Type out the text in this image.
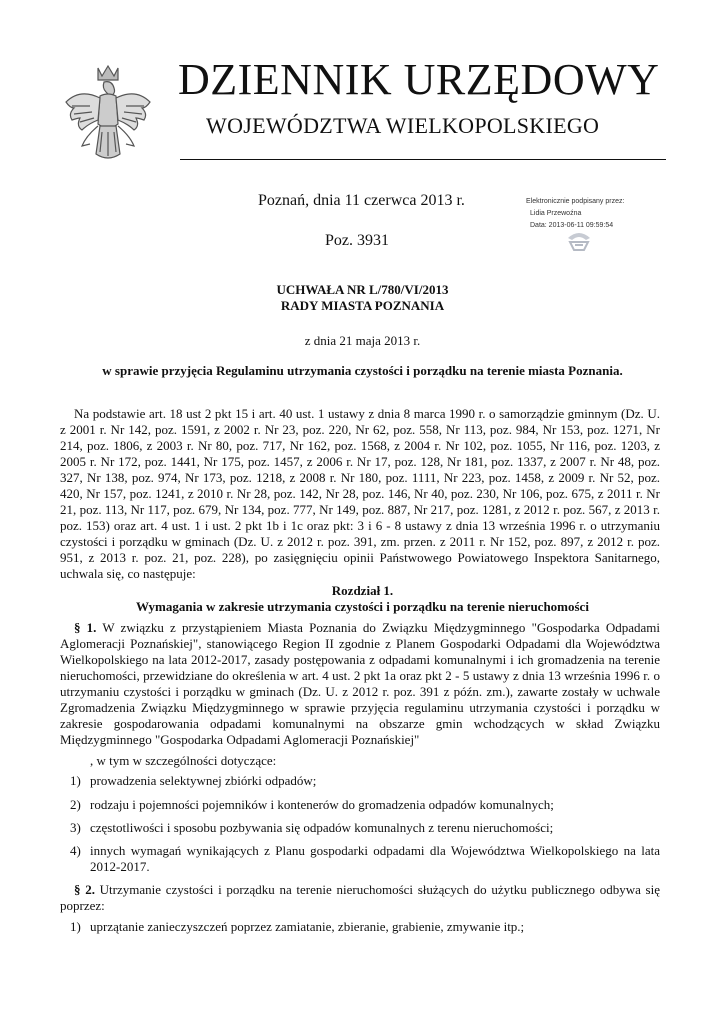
DZIENNIK URZĘDOWY
WOJEWÓDZTWA WIELKOPOLSKIEGO
Poznań, dnia 11 czerwca 2013 r.
Poz. 3931
Elektronicznie podpisany przez:
Lidia Przewoźna
Data: 2013-06-11 09:59:54
UCHWAŁA NR L/780/VI/2013
RADY MIASTA POZNANIA
z dnia 21 maja 2013 r.
w sprawie przyjęcia Regulaminu utrzymania czystości i porządku na terenie miasta Poznania.
Na podstawie art. 18 ust 2 pkt 15 i art. 40 ust. 1 ustawy z dnia 8 marca 1990 r. o samorządzie gminnym (Dz. U. z 2001 r. Nr 142, poz. 1591, z 2002 r. Nr 23, poz. 220, Nr 62, poz. 558, Nr 113, poz. 984, Nr 153, poz. 1271, Nr 214, poz. 1806, z 2003 r. Nr 80, poz. 717, Nr 162, poz. 1568, z 2004 r. Nr 102, poz. 1055, Nr 116, poz. 1203, z 2005 r. Nr 172, poz. 1441, Nr 175, poz. 1457, z 2006 r. Nr 17, poz. 128, Nr 181, poz. 1337, z 2007 r. Nr 48, poz. 327, Nr 138, poz. 974, Nr 173, poz. 1218, z 2008 r. Nr 180, poz. 1111, Nr 223, poz. 1458, z 2009 r. Nr 52, poz. 420, Nr 157, poz. 1241, z 2010 r. Nr 28, poz. 142, Nr 28, poz. 146, Nr 40, poz. 230, Nr 106, poz. 675, z 2011 r. Nr 21, poz. 113, Nr 117, poz. 679, Nr 134, poz. 777, Nr 149, poz. 887, Nr 217, poz. 1281, z 2012 r. poz. 567, z 2013 r. poz. 153) oraz art. 4 ust. 1 i ust. 2 pkt 1b i 1c oraz pkt: 3 i 6 - 8 ustawy z dnia 13 września 1996 r. o utrzymaniu czystości i porządku w gminach (Dz. U. z 2012 r. poz. 391, zm. przen. z 2011 r. Nr 152, poz. 897, z 2012 r. poz. 951, z 2013 r. poz. 21, poz. 228), po zasięgnięciu opinii Państwowego Powiatowego Inspektora Sanitarnego, uchwala się, co następuje:
Rozdział 1.
Wymagania w zakresie utrzymania czystości i porządku na terenie nieruchomości
§ 1. W związku z przystąpieniem Miasta Poznania do Związku Międzygminnego "Gospodarka Odpadami Aglomeracji Poznańskiej", stanowiącego Region II zgodnie z Planem Gospodarki Odpadami dla Województwa Wielkopolskiego na lata 2012-2017, zasady postępowania z odpadami komunalnymi i ich gromadzenia na terenie nieruchomości, przewidziane do określenia w art. 4 ust. 2 pkt 1a oraz pkt 2 - 5 ustawy z dnia 13 września 1996 r. o utrzymaniu czystości i porządku w gminach (Dz. U. z 2012 r. poz. 391 z późn. zm.), zawarte zostały w uchwale Zgromadzenia Związku Międzygminnego w sprawie przyjęcia regulaminu utrzymania czystości i porządku w zakresie gospodarowania odpadami komunalnymi na obszarze gmin wchodzących w skład Związku Międzygminnego "Gospodarka Odpadami Aglomeracji Poznańskiej"
, w tym w szczególności dotyczące:
1) prowadzenia selektywnej zbiórki odpadów;
2) rodzaju i pojemności pojemników i kontenerów do gromadzenia odpadów komunalnych;
3) częstotliwości i sposobu pozbywania się odpadów komunalnych z terenu nieruchomości;
4) innych wymagań wynikających z Planu gospodarki odpadami dla Województwa Wielkopolskiego na lata 2012-2017.
§ 2. Utrzymanie czystości i porządku na terenie nieruchomości służących do użytku publicznego odbywa się poprzez:
1) uprzątanie zanieczyszczeń poprzez zamiatanie, zbieranie, grabienie, zmywanie itp.;
